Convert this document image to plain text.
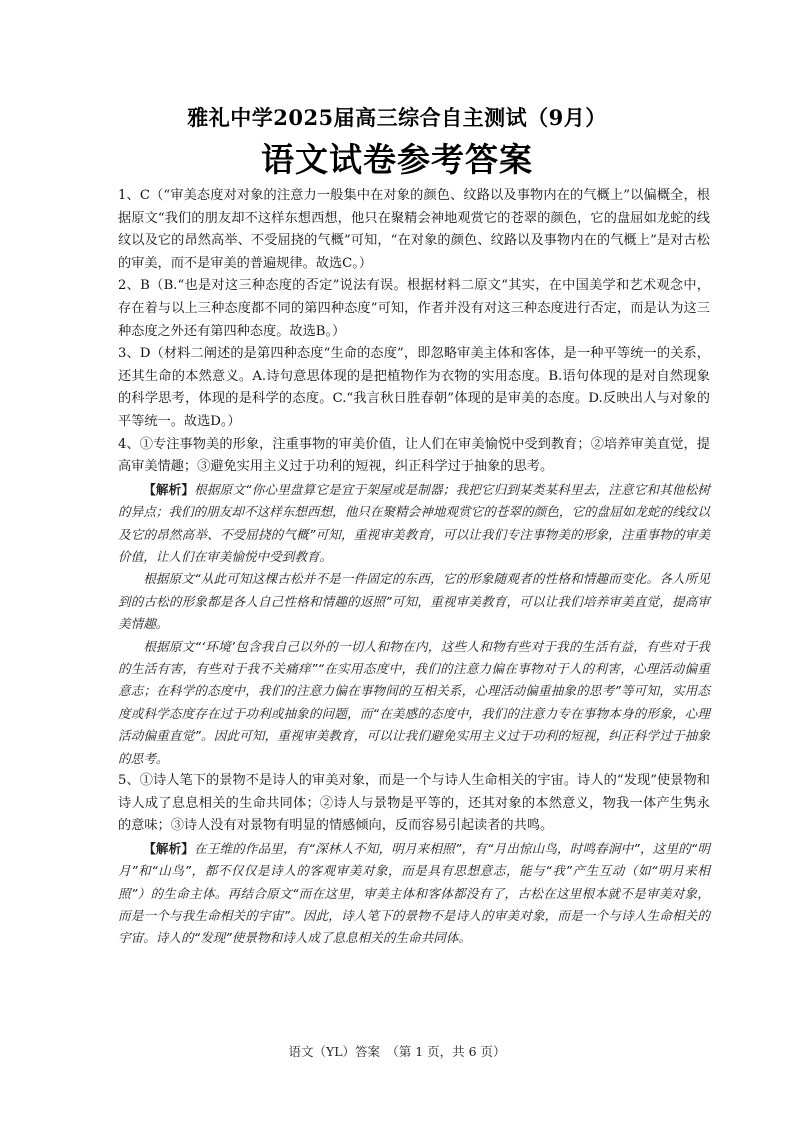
雅礼中学2025届高三综合自主测试（9月）
语文试卷参考答案

1、C（“审美态度对对象的注意力一般集中在对象的颜色、纹路以及事物内在的气概上”以偏概全，根据原文“我们的朋友却不这样东想西想，他只在聚精会神地观赏它的苍翠的颜色，它的盘屈如龙蛇的线纹以及它的昂然高举、不受屈挠的气概”可知，“在对象的颜色、纹路以及事物内在的气概上”是对古松的审美，而不是审美的普遍规律。故选C。）

2、B（B.“也是对这三种态度的否定”说法有误。根据材料二原文“其实，在中国美学和艺术观念中，存在着与以上三种态度都不同的第四种态度”可知，作者并没有对这三种态度进行否定，而是认为这三种态度之外还有第四种态度。故选B。）

3、D（材料二阐述的是第四种态度“生命的态度”，即忽略审美主体和客体，是一种平等统一的关系，还其生命的本然意义。A.诗句意思体现的是把植物作为衣物的实用态度。B.语句体现的是对自然现象的科学思考，体现的是科学的态度。C.“我言秋日胜春朝”体现的是审美的态度。D.反映出人与对象的平等统一。故选D。）

4、①专注事物美的形象，注重事物的审美价值，让人们在审美愉悦中受到教育；②培养审美直觉，提高审美情趣；③避免实用主义过于功利的短视，纠正科学过于抽象的思考。

【解析】根据原文“你心里盘算它是宜于架屋或是制器；我把它归到某类某科里去，注意它和其他松树的异点；我们的朋友却不这样东想西想，他只在聚精会神地观赏它的苍翠的颜色，它的盘屈如龙蛇的线纹以及它的昂然高举、不受屈挠的气概”可知，重视审美教育，可以让我们专注事物美的形象，注重事物的审美价值，让人们在审美愉悦中受到教育。

根据原文“从此可知这棵古松并不是一件固定的东西，它的形象随观者的性格和情趣而变化。各人所见到的古松的形象都是各人自己性格和情趣的返照”可知，重视审美教育，可以让我们培养审美直觉，提高审美情趣。

根据原文“‘环境’包含我自己以外的一切人和物在内，这些人和物有些对于我的生活有益，有些对于我的生活有害，有些对于我不关痛痒”“在实用态度中，我们的注意力偏在事物对于人的利害，心理活动偏重意志；在科学的态度中，我们的注意力偏在事物间的互相关系，心理活动偏重抽象的思考”等可知，实用态度或科学态度存在过于功利或抽象的问题，而“在美感的态度中，我们的注意力专在事物本身的形象，心理活动偏重直觉”。因此可知，重视审美教育，可以让我们避免实用主义过于功利的短视，纠正科学过于抽象的思考。

5、①诗人笔下的景物不是诗人的审美对象，而是一个与诗人生命相关的宇宙。诗人的“发现”使景物和诗人成了息息相关的生命共同体；②诗人与景物是平等的，还其对象的本然意义，物我一体产生隽永的意味；③诗人没有对景物有明显的情感倾向，反而容易引起读者的共鸣。

【解析】在王维的作品里，有“深林人不知，明月来相照”，有“月出惊山鸟，时鸣春涧中”，这里的“明月”和“山鸟”，都不仅仅是诗人的客观审美对象，而是具有思想意志，能与“我”产生互动（如“明月来相照”）的生命主体。再结合原文“而在这里，审美主体和客体都没有了，古松在这里根本就不是审美对象，而是一个与我生命相关的宇宙”。因此，诗人笔下的景物不是诗人的审美对象，而是一个与诗人生命相关的宇宙。诗人的“发现”使景物和诗人成了息息相关的生命共同体。

语文（YL）答案　（第 1 页，共 6 页）
